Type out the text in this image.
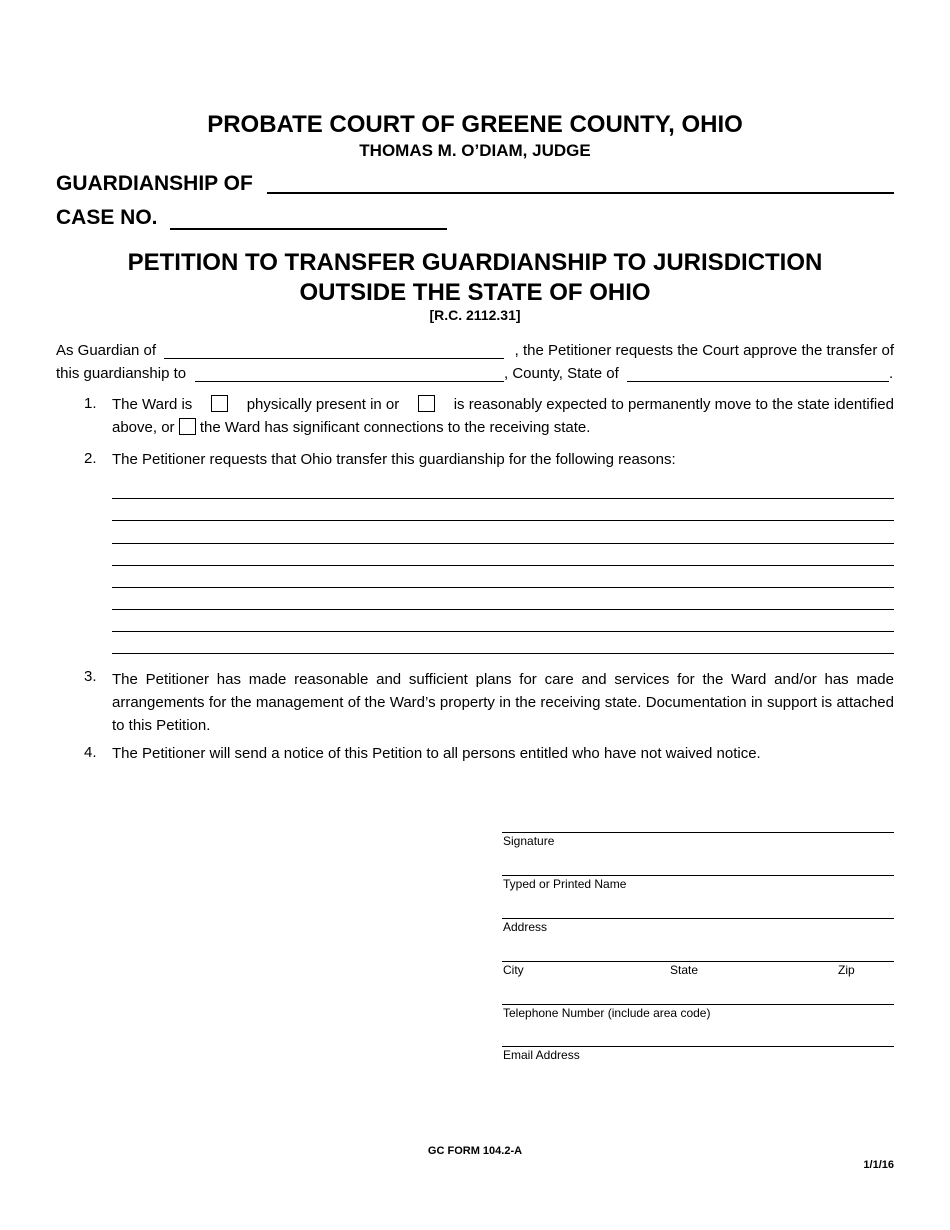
PROBATE COURT OF GREENE COUNTY, OHIO
THOMAS M. O’DIAM, JUDGE
GUARDIANSHIP OF
CASE NO.
PETITION TO TRANSFER GUARDIANSHIP TO JURISDICTION
OUTSIDE THE STATE OF OHIO
[R.C. 2112.31]
As Guardian of	, the Petitioner requests the Court approve the transfer of
this guardianship to	, County, State of	.
1. The Ward is	physically present in or	is reasonably expected to permanently move to the state identified
above, or the Ward has significant connections to the receiving state.
2. The Petitioner requests that Ohio transfer this guardianship for the following reasons:
3. The Petitioner has made reasonable and sufficient plans for care and services for the Ward and/or has made arrangements for the management of the Ward’s property in the receiving state. Documentation in support is attached to this Petition.
4. The Petitioner will send a notice of this Petition to all persons entitled who have not waived notice.
Signature
Typed or Printed Name
Address
City	State	Zip
Telephone Number (include area code)
Email Address
GC FORM 104.2-A
1/1/16
